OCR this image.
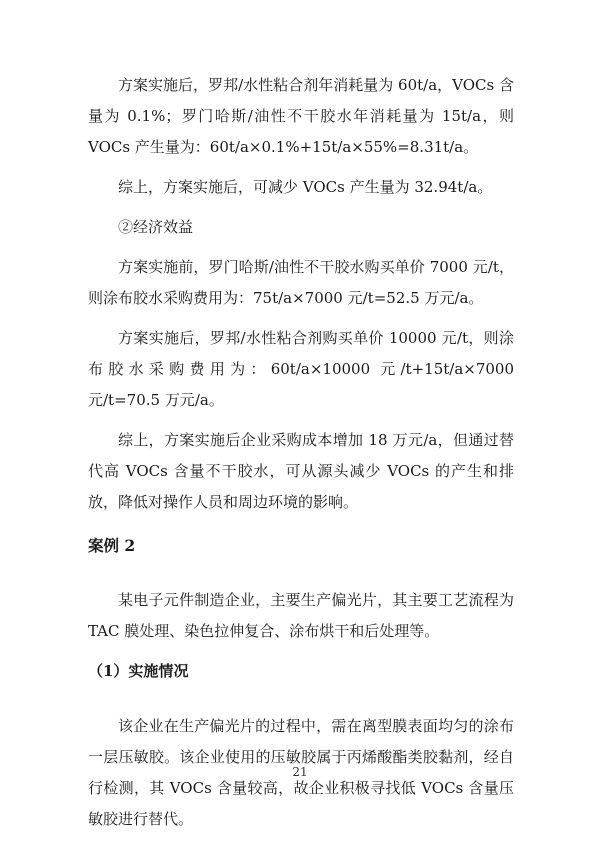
方案实施后，罗邦/水性粘合剂年消耗量为 60t/a，VOCs 含量为 0.1%；罗门哈斯/油性不干胶水年消耗量为 15t/a，则 VOCs 产生量为：60t/a×0.1%+15t/a×55%=8.31t/a。

综上，方案实施后，可减少 VOCs 产生量为 32.94t/a。

②经济效益

方案实施前，罗门哈斯/油性不干胶水购买单价 7000 元/t，则涂布胶水采购费用为：75t/a×7000 元/t=52.5 万元/a。

方案实施后，罗邦/水性粘合剂购买单价 10000 元/t，则涂布胶水采购费用为：60t/a×10000 元/t+15t/a×7000 元/t=70.5 万元/a。

综上，方案实施后企业采购成本增加 18 万元/a，但通过替代高 VOCs 含量不干胶水，可从源头减少 VOCs 的产生和排放，降低对操作人员和周边环境的影响。

案例 2

某电子元件制造企业，主要生产偏光片，其主要工艺流程为 TAC 膜处理、染色拉伸复合、涂布烘干和后处理等。

（1）实施情况

该企业在生产偏光片的过程中，需在离型膜表面均匀的涂布一层压敏胶。该企业使用的压敏胶属于丙烯酸酯类胶黏剂，经自行检测，其 VOCs 含量较高，故企业积极寻找低 VOCs 含量压敏胶进行替代。

21
